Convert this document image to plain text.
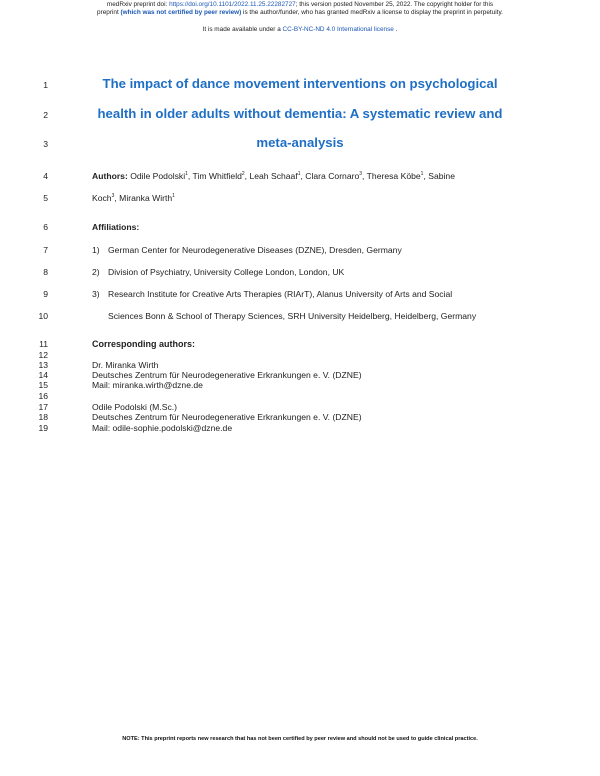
medRxiv preprint doi: https://doi.org/10.1101/2022.11.25.22282727; this version posted November 25, 2022. The copyright holder for this
preprint (which was not certified by peer review) is the author/funder, who has granted medRxiv a license to display the preprint in perpetuity.
It is made available under a CC-BY-NC-ND 4.0 International license .
1
2
3
4
5
6
7
8
9
10
11
12
13
14
15
16
17
18
19
The impact of dance movement interventions on psychological
health in older adults without dementia: A systematic review and
meta-analysis
Authors: Odile Podolski$^1$, Tim Whitfield$^2$, Leah Schaaf$^1$, Clara Cornaro$^3$, Theresa Köbe$^1$, Sabine
Koch$^3$, Miranka Wirth$^1$
Affiliations:
1) German Center for Neurodegenerative Diseases (DZNE), Dresden, Germany
2) Division of Psychiatry, University College London, London, UK
3) Research Institute for Creative Arts Therapies (RIArT), Alanus University of Arts and Social
Sciences Bonn & School of Therapy Sciences, SRH University Heidelberg, Heidelberg, Germany
Corresponding authors:
Dr. Miranka Wirth
Deutsches Zentrum für Neurodegenerative Erkrankungen e. V. (DZNE)
Mail: miranka.wirth@dzne.de
Odile Podolski (M.Sc.)
Deutsches Zentrum für Neurodegenerative Erkrankungen e. V. (DZNE)
Mail: odile-sophie.podolski@dzne.de
NOTE: This preprint reports new research that has not been certified by peer review and should not be used to guide clinical practice.
